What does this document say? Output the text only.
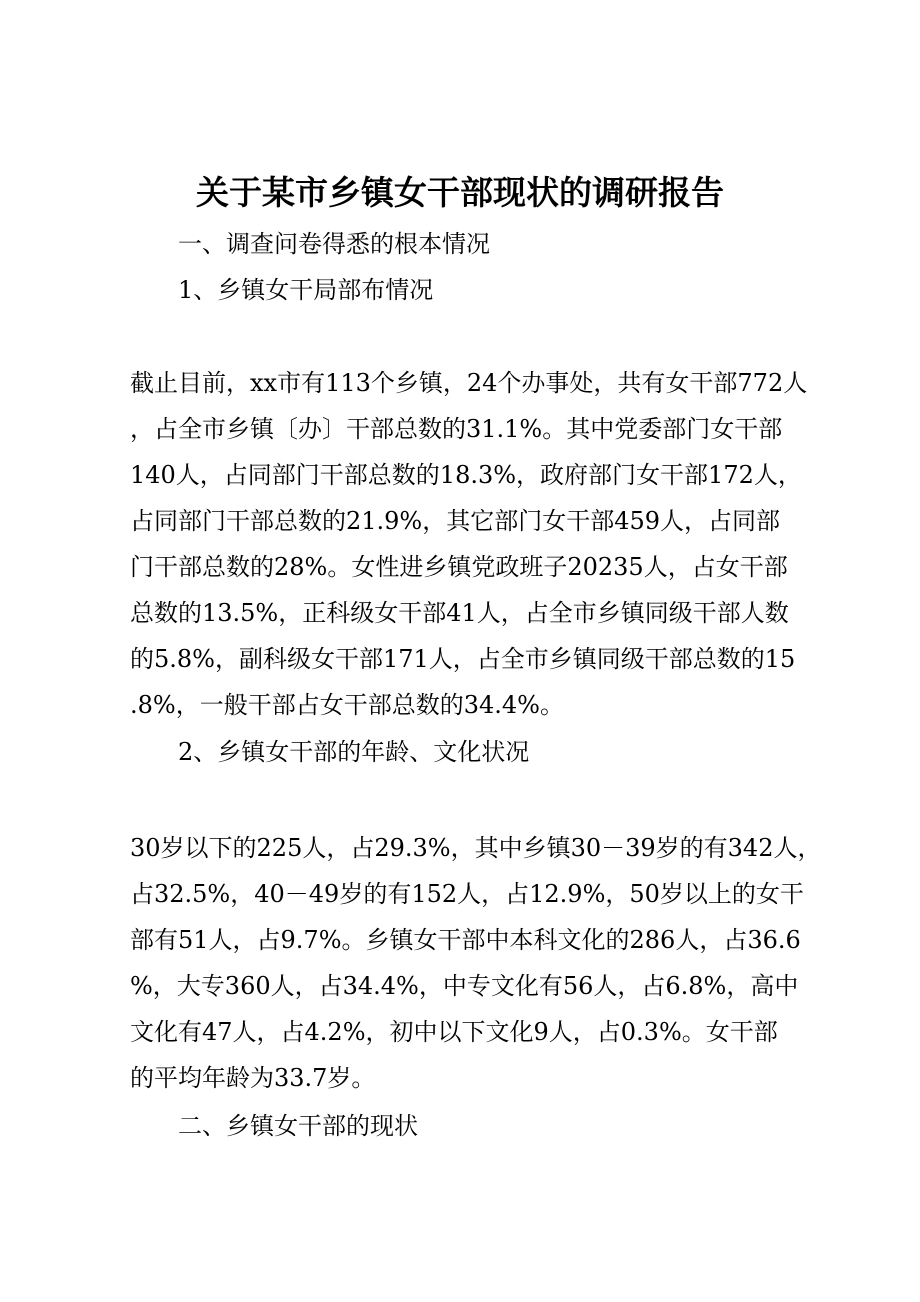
关于某市乡镇女干部现状的调研报告
一、调查问卷得悉的根本情况
1、乡镇女干局部布情况

截止目前，xx市有113个乡镇，24个办事处，共有女干部772人
，占全市乡镇〔办〕干部总数的31.1%。其中党委部门女干部
140人，占同部门干部总数的18.3%，政府部门女干部172人，
占同部门干部总数的21.9%，其它部门女干部459人，占同部
门干部总数的28%。女性进乡镇党政班子20235人，占女干部
总数的13.5%，正科级女干部41人，占全市乡镇同级干部人数
的5.8%，副科级女干部171人，占全市乡镇同级干部总数的15
.8%，一般干部占女干部总数的34.4%。

2、乡镇女干部的年龄、文化状况

30岁以下的225人，占29.3%，其中乡镇30－39岁的有342人，
占32.5%，40－49岁的有152人，占12.9%，50岁以上的女干
部有51人，占9.7%。乡镇女干部中本科文化的286人，占36.6
%，大专360人，占34.4%，中专文化有56人，占6.8%，高中
文化有47人，占4.2%，初中以下文化9人，占0.3%。女干部
的平均年龄为33.7岁。

二、乡镇女干部的现状
